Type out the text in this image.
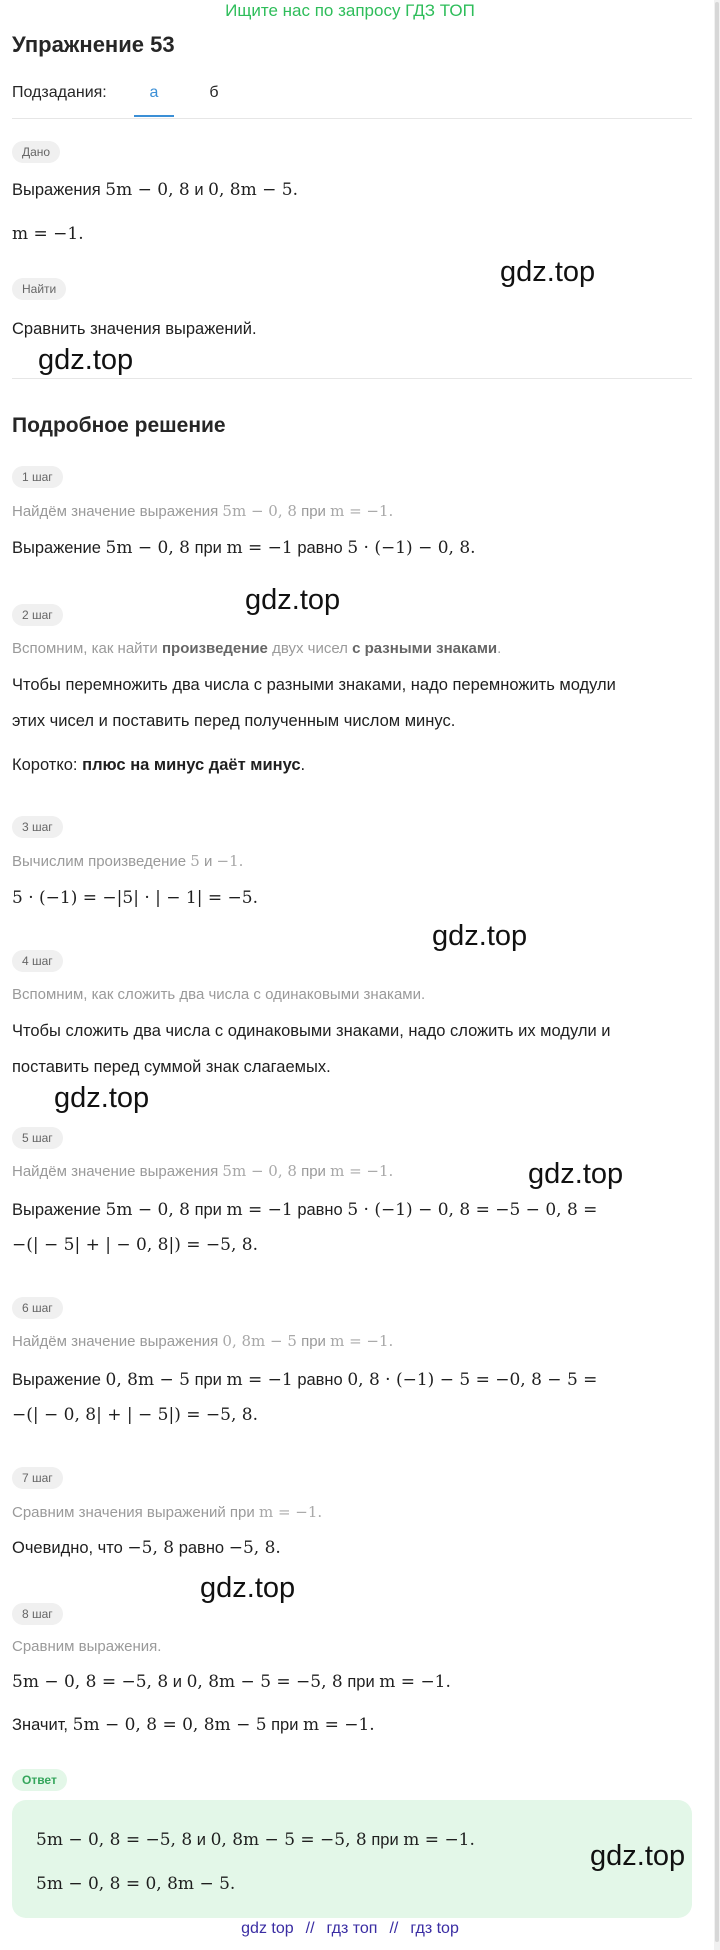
Ищите нас по запросу ГДЗ ТОП
Упражнение 53
Подзадания:	а	б
Дано
Выражения 5m − 0, 8 и 0, 8m − 5.
m = −1.
Найти
Сравнить значения выражений.
Подробное решение
1 шаг
Найдём значение выражения 5m − 0, 8 при m = −1.
Выражение 5m − 0, 8 при m = −1 равно 5 · (−1) − 0, 8.
2 шаг
Вспомним, как найти произведение двух чисел с разными знаками.
Чтобы перемножить два числа с разными знаками, надо перемножить модули
этих чисел и поставить перед полученным числом минус.
Коротко: плюс на минус даёт минус.
3 шаг
Вычислим произведение 5 и −1.
5 · (−1) = −|5| · | − 1| = −5.
4 шаг
Вспомним, как сложить два числа с одинаковыми знаками.
Чтобы сложить два числа с одинаковыми знаками, надо сложить их модули и
поставить перед суммой знак слагаемых.
5 шаг
Найдём значение выражения 5m − 0, 8 при m = −1.
Выражение 5m − 0, 8 при m = −1 равно 5 · (−1) − 0, 8 = −5 − 0, 8 =
−(| − 5| + | − 0, 8|) = −5, 8.
6 шаг
Найдём значение выражения 0, 8m − 5 при m = −1.
Выражение 0, 8m − 5 при m = −1 равно 0, 8 · (−1) − 5 = −0, 8 − 5 =
−(| − 0, 8| + | − 5|) = −5, 8.
7 шаг
Сравним значения выражений при m = −1.
Очевидно, что −5, 8 равно −5, 8.
8 шаг
Сравним выражения.
5m − 0, 8 = −5, 8 и 0, 8m − 5 = −5, 8 при m = −1.
Значит, 5m − 0, 8 = 0, 8m − 5 при m = −1.
Ответ
5m − 0, 8 = −5, 8 и 0, 8m − 5 = −5, 8 при m = −1.
5m − 0, 8 = 0, 8m − 5.
gdz.top
gdz.top
gdz.top
gdz.top
gdz.top
gdz.top
gdz.top
gdz.top
gdz top // гдз топ // гдз top
